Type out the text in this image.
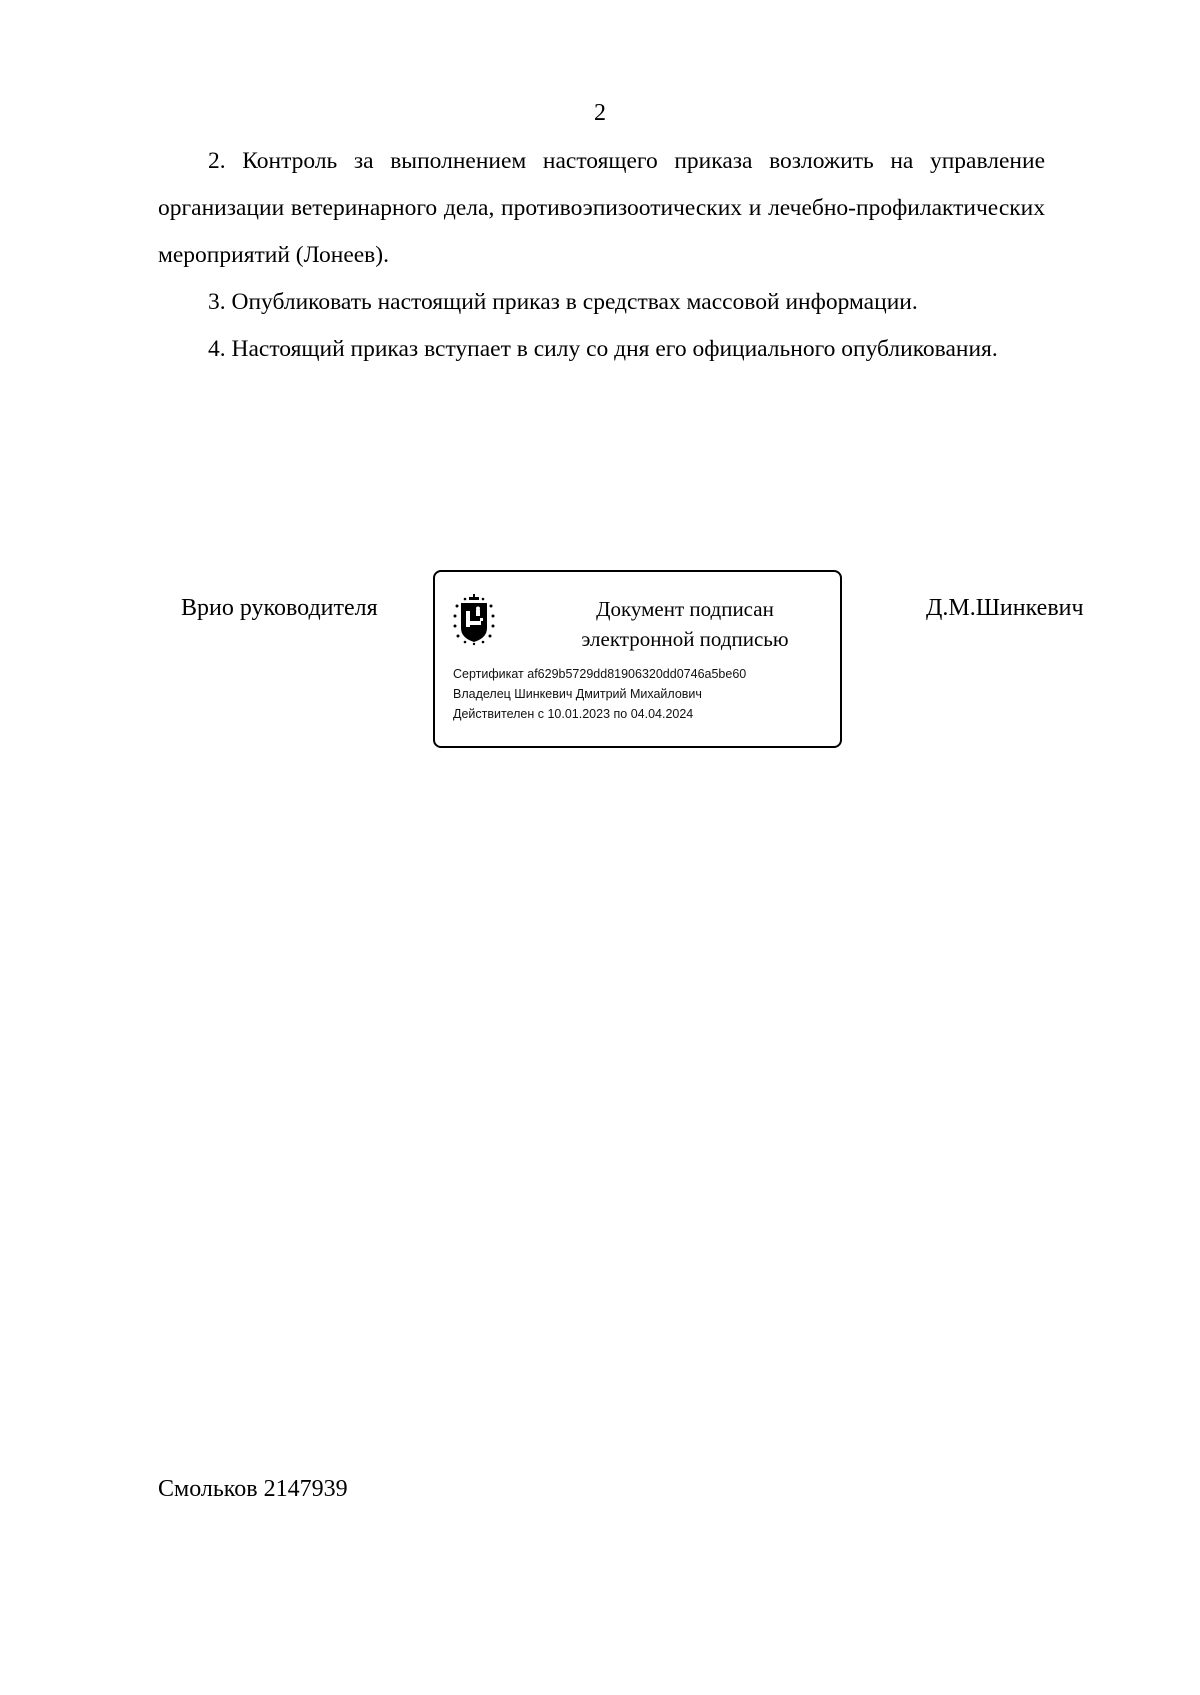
2

2. Контроль за выполнением настоящего приказа возложить на управление организации ветеринарного дела, противоэпизоотических и лечебно-профилактических мероприятий (Лонеев).

3. Опубликовать настоящий приказ в средствах массовой информации.

4. Настоящий приказ вступает в силу со дня его официального опубликования.

Врио руководителя	Документ подписан
электронной подписью
Сертификат af629b5729dd81906320dd0746a5be60
Владелец Шинкевич Дмитрий Михайлович
Действителен с 10.01.2023 по 04.04.2024
Д.М.Шинкевич
Смольков 2147939
